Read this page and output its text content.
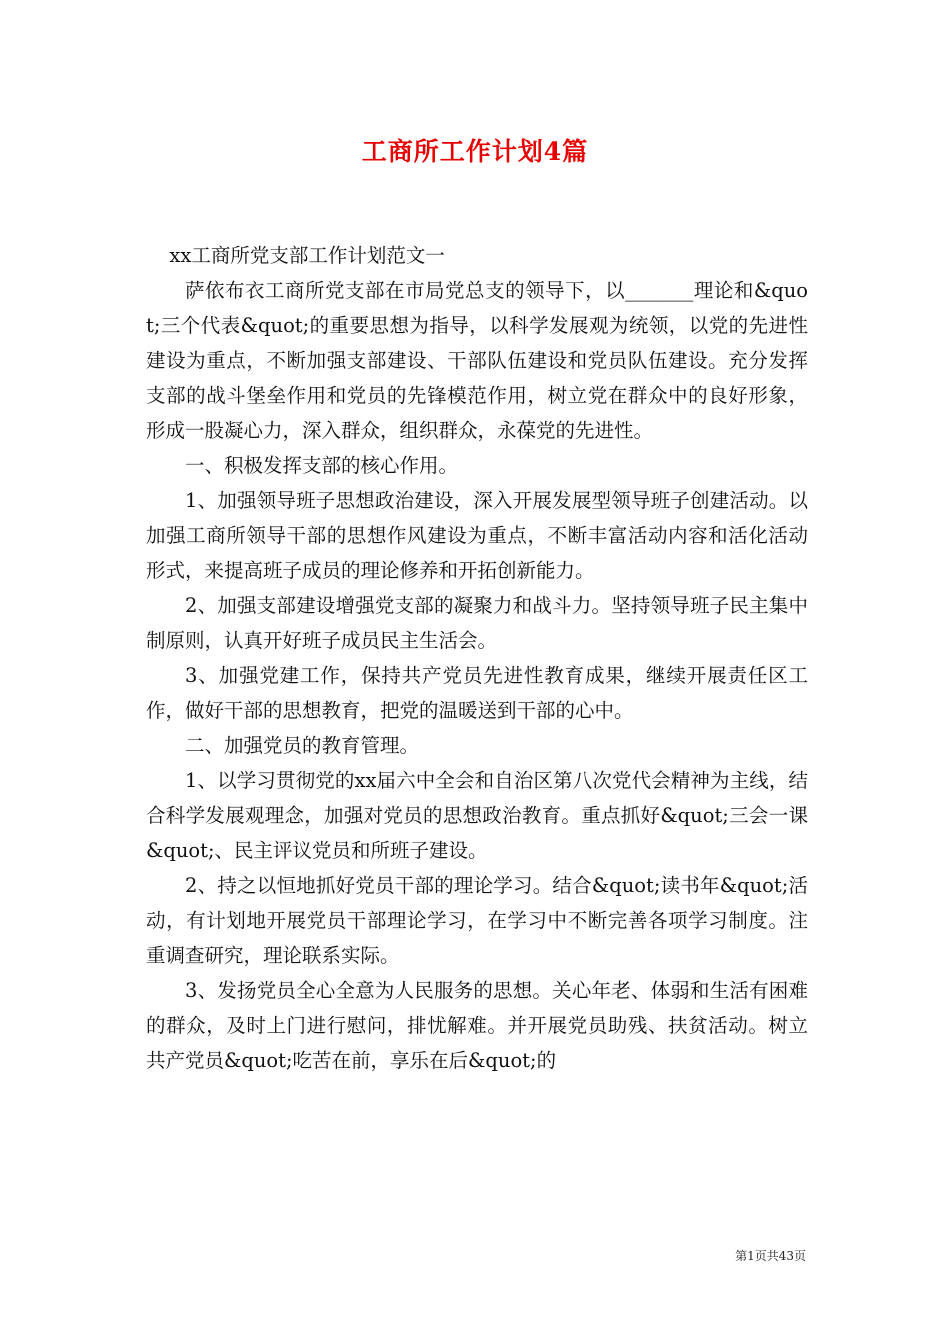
工商所工作计划4篇

xx工商所党支部工作计划范文一

萨依布衣工商所党支部在市局党总支的领导下，以_______理论和&quot;三个代表&quot;的重要思想为指导，以科学发展观为统领，以党的先进性建设为重点，不断加强支部建设、干部队伍建设和党员队伍建设。充分发挥支部的战斗堡垒作用和党员的先锋模范作用，树立党在群众中的良好形象，形成一股凝心力，深入群众，组织群众，永葆党的先进性。

一、积极发挥支部的核心作用。

1、加强领导班子思想政治建设，深入开展发展型领导班子创建活动。以加强工商所领导干部的思想作风建设为重点，不断丰富活动内容和活化活动形式，来提高班子成员的理论修养和开拓创新能力。

2、加强支部建设增强党支部的凝聚力和战斗力。坚持领导班子民主集中制原则，认真开好班子成员民主生活会。

3、加强党建工作，保持共产党员先进性教育成果，继续开展责任区工作，做好干部的思想教育，把党的温暖送到干部的心中。

二、加强党员的教育管理。

1、以学习贯彻党的xx届六中全会和自治区第八次党代会精神为主线，结合科学发展观理念，加强对党员的思想政治教育。重点抓好&quot;三会一课&quot;、民主评议党员和所班子建设。

2、持之以恒地抓好党员干部的理论学习。结合&quot;读书年&quot;活动，有计划地开展党员干部理论学习，在学习中不断完善各项学习制度。注重调查研究，理论联系实际。

3、发扬党员全心全意为人民服务的思想。关心年老、体弱和生活有困难的群众，及时上门进行慰问，排忧解难。并开展党员助残、扶贫活动。树立共产党员&quot;吃苦在前，享乐在后&quot;的

第1页共43页
